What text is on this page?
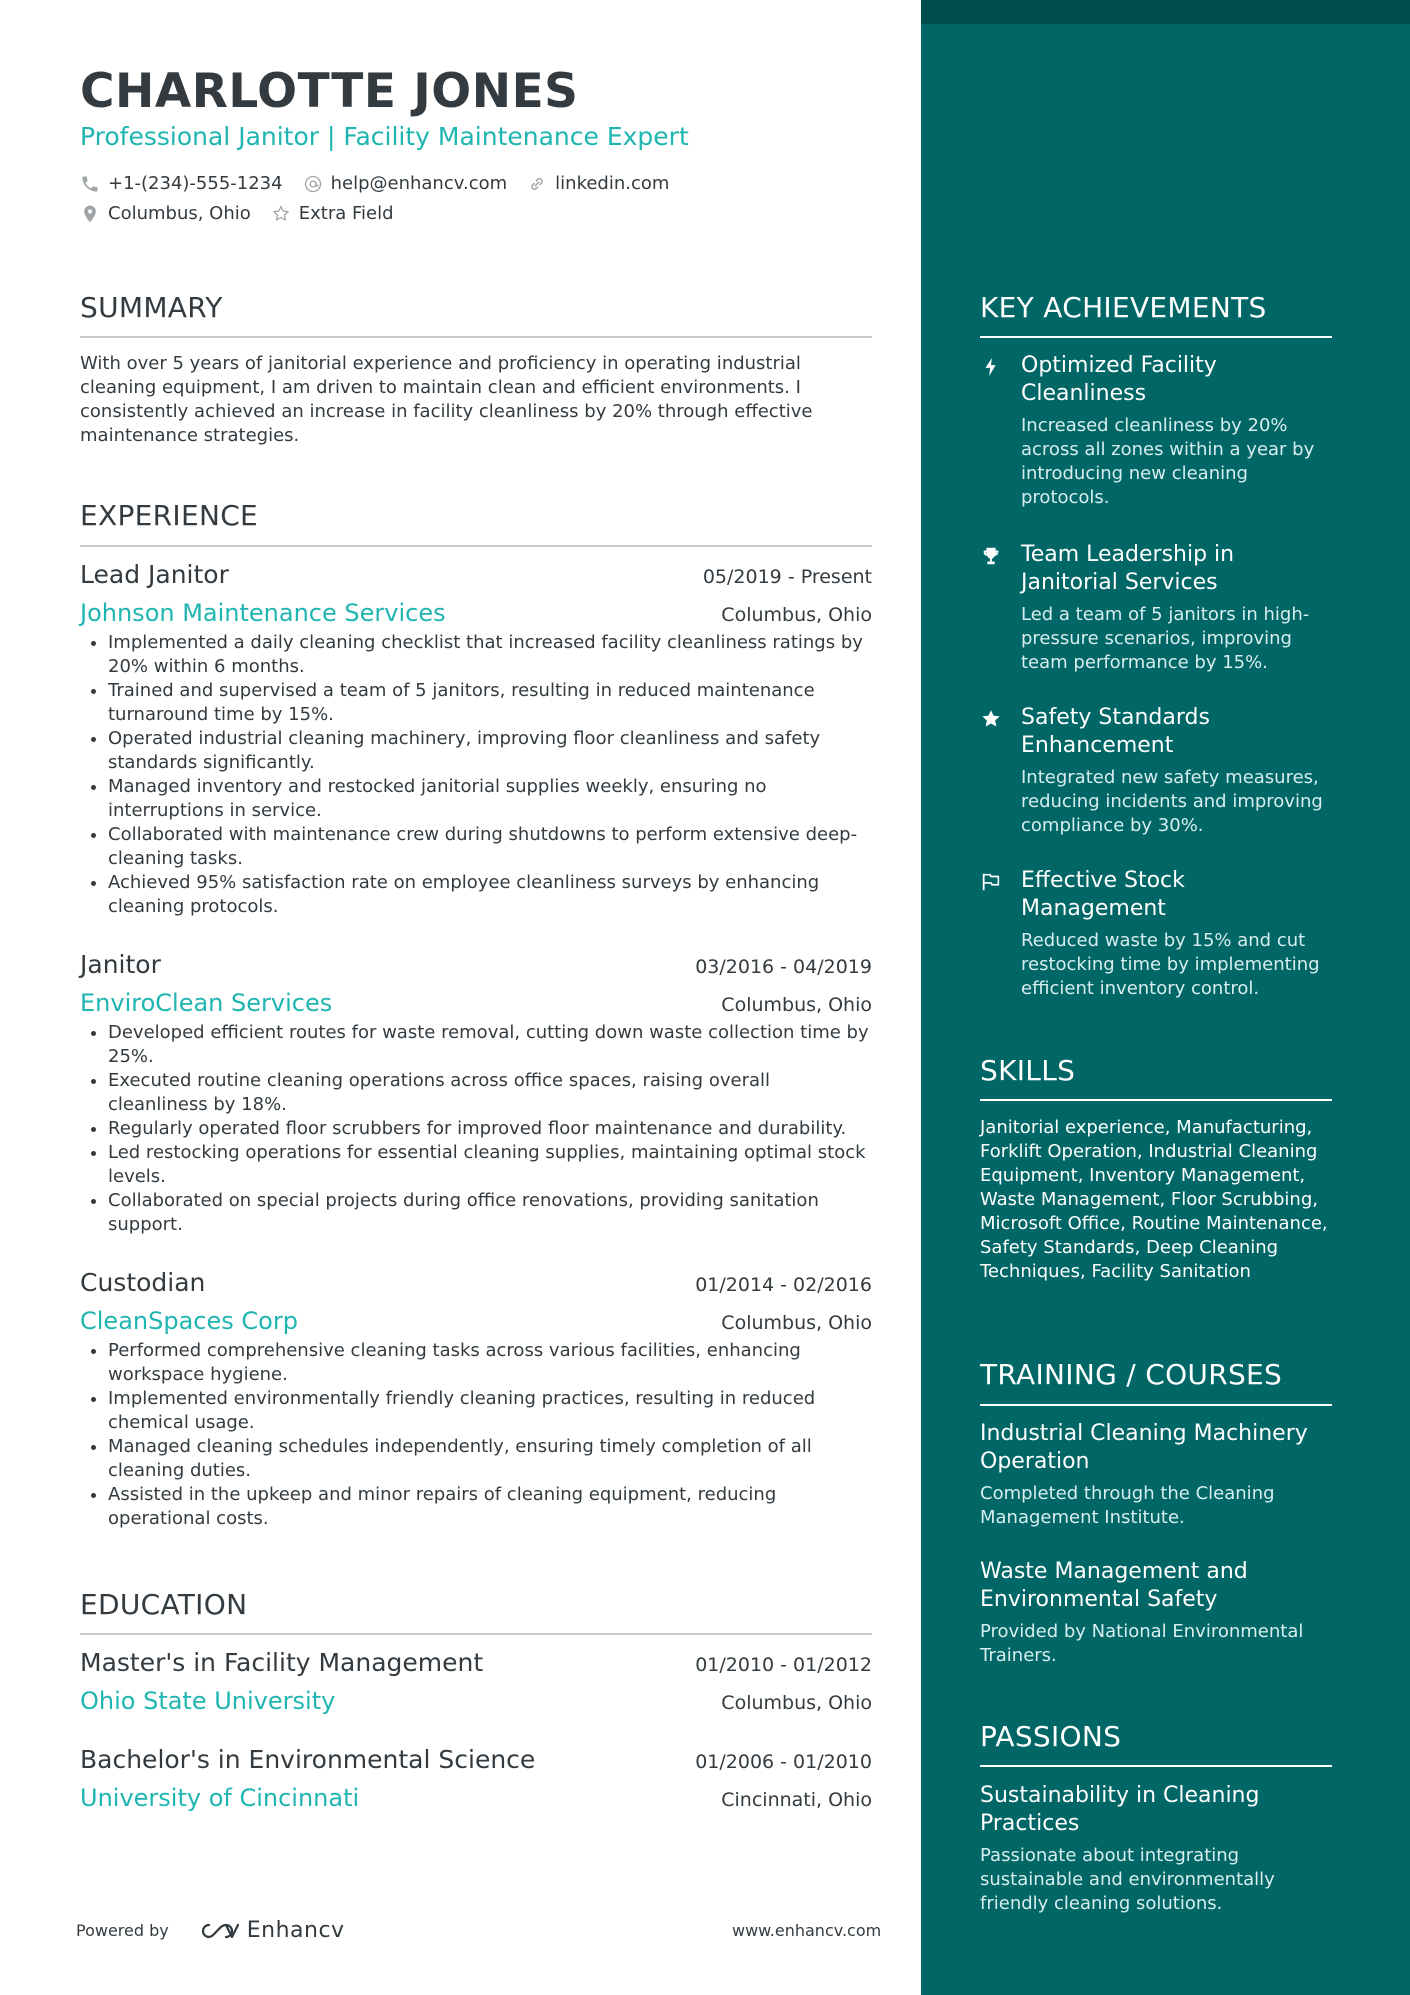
CHARLOTTE JONES
Professional Janitor | Facility Maintenance Expert
+1-(234)-555-1234	help@enhancv.com	linkedin.com
Columbus, Ohio	Extra Field
SUMMARY
With over 5 years of janitorial experience and proficiency in operating industrial cleaning equipment, I am driven to maintain clean and efficient environments. I consistently achieved an increase in facility cleanliness by 20% through effective maintenance strategies.
EXPERIENCE
Lead Janitor	05/2019 - Present
Johnson Maintenance Services	Columbus, Ohio
• Implemented a daily cleaning checklist that increased facility cleanliness ratings by 20% within 6 months.
• Trained and supervised a team of 5 janitors, resulting in reduced maintenance turnaround time by 15%.
• Operated industrial cleaning machinery, improving floor cleanliness and safety standards significantly.
• Managed inventory and restocked janitorial supplies weekly, ensuring no interruptions in service.
• Collaborated with maintenance crew during shutdowns to perform extensive deep-cleaning tasks.
• Achieved 95% satisfaction rate on employee cleanliness surveys by enhancing cleaning protocols.
Janitor	03/2016 - 04/2019
EnviroClean Services	Columbus, Ohio
• Developed efficient routes for waste removal, cutting down waste collection time by 25%.
• Executed routine cleaning operations across office spaces, raising overall cleanliness by 18%.
• Regularly operated floor scrubbers for improved floor maintenance and durability.
• Led restocking operations for essential cleaning supplies, maintaining optimal stock levels.
• Collaborated on special projects during office renovations, providing sanitation support.
Custodian	01/2014 - 02/2016
CleanSpaces Corp	Columbus, Ohio
• Performed comprehensive cleaning tasks across various facilities, enhancing workspace hygiene.
• Implemented environmentally friendly cleaning practices, resulting in reduced chemical usage.
• Managed cleaning schedules independently, ensuring timely completion of all cleaning duties.
• Assisted in the upkeep and minor repairs of cleaning equipment, reducing operational costs.
EDUCATION
Master's in Facility Management	01/2010 - 01/2012
Ohio State University	Columbus, Ohio
Bachelor's in Environmental Science	01/2006 - 01/2010
University of Cincinnati	Cincinnati, Ohio
Powered by	Enhancv	www.enhancv.com
KEY ACHIEVEMENTS
Optimized Facility Cleanliness
Increased cleanliness by 20% across all zones within a year by introducing new cleaning protocols.
Team Leadership in Janitorial Services
Led a team of 5 janitors in high-pressure scenarios, improving team performance by 15%.
Safety Standards Enhancement
Integrated new safety measures, reducing incidents and improving compliance by 30%.
Effective Stock Management
Reduced waste by 15% and cut restocking time by implementing efficient inventory control.
SKILLS
Janitorial experience, Manufacturing, Forklift Operation, Industrial Cleaning Equipment, Inventory Management, Waste Management, Floor Scrubbing, Microsoft Office, Routine Maintenance, Safety Standards, Deep Cleaning Techniques, Facility Sanitation
TRAINING / COURSES
Industrial Cleaning Machinery Operation
Completed through the Cleaning Management Institute.
Waste Management and Environmental Safety
Provided by National Environmental Trainers.
PASSIONS
Sustainability in Cleaning Practices
Passionate about integrating sustainable and environmentally friendly cleaning solutions.
